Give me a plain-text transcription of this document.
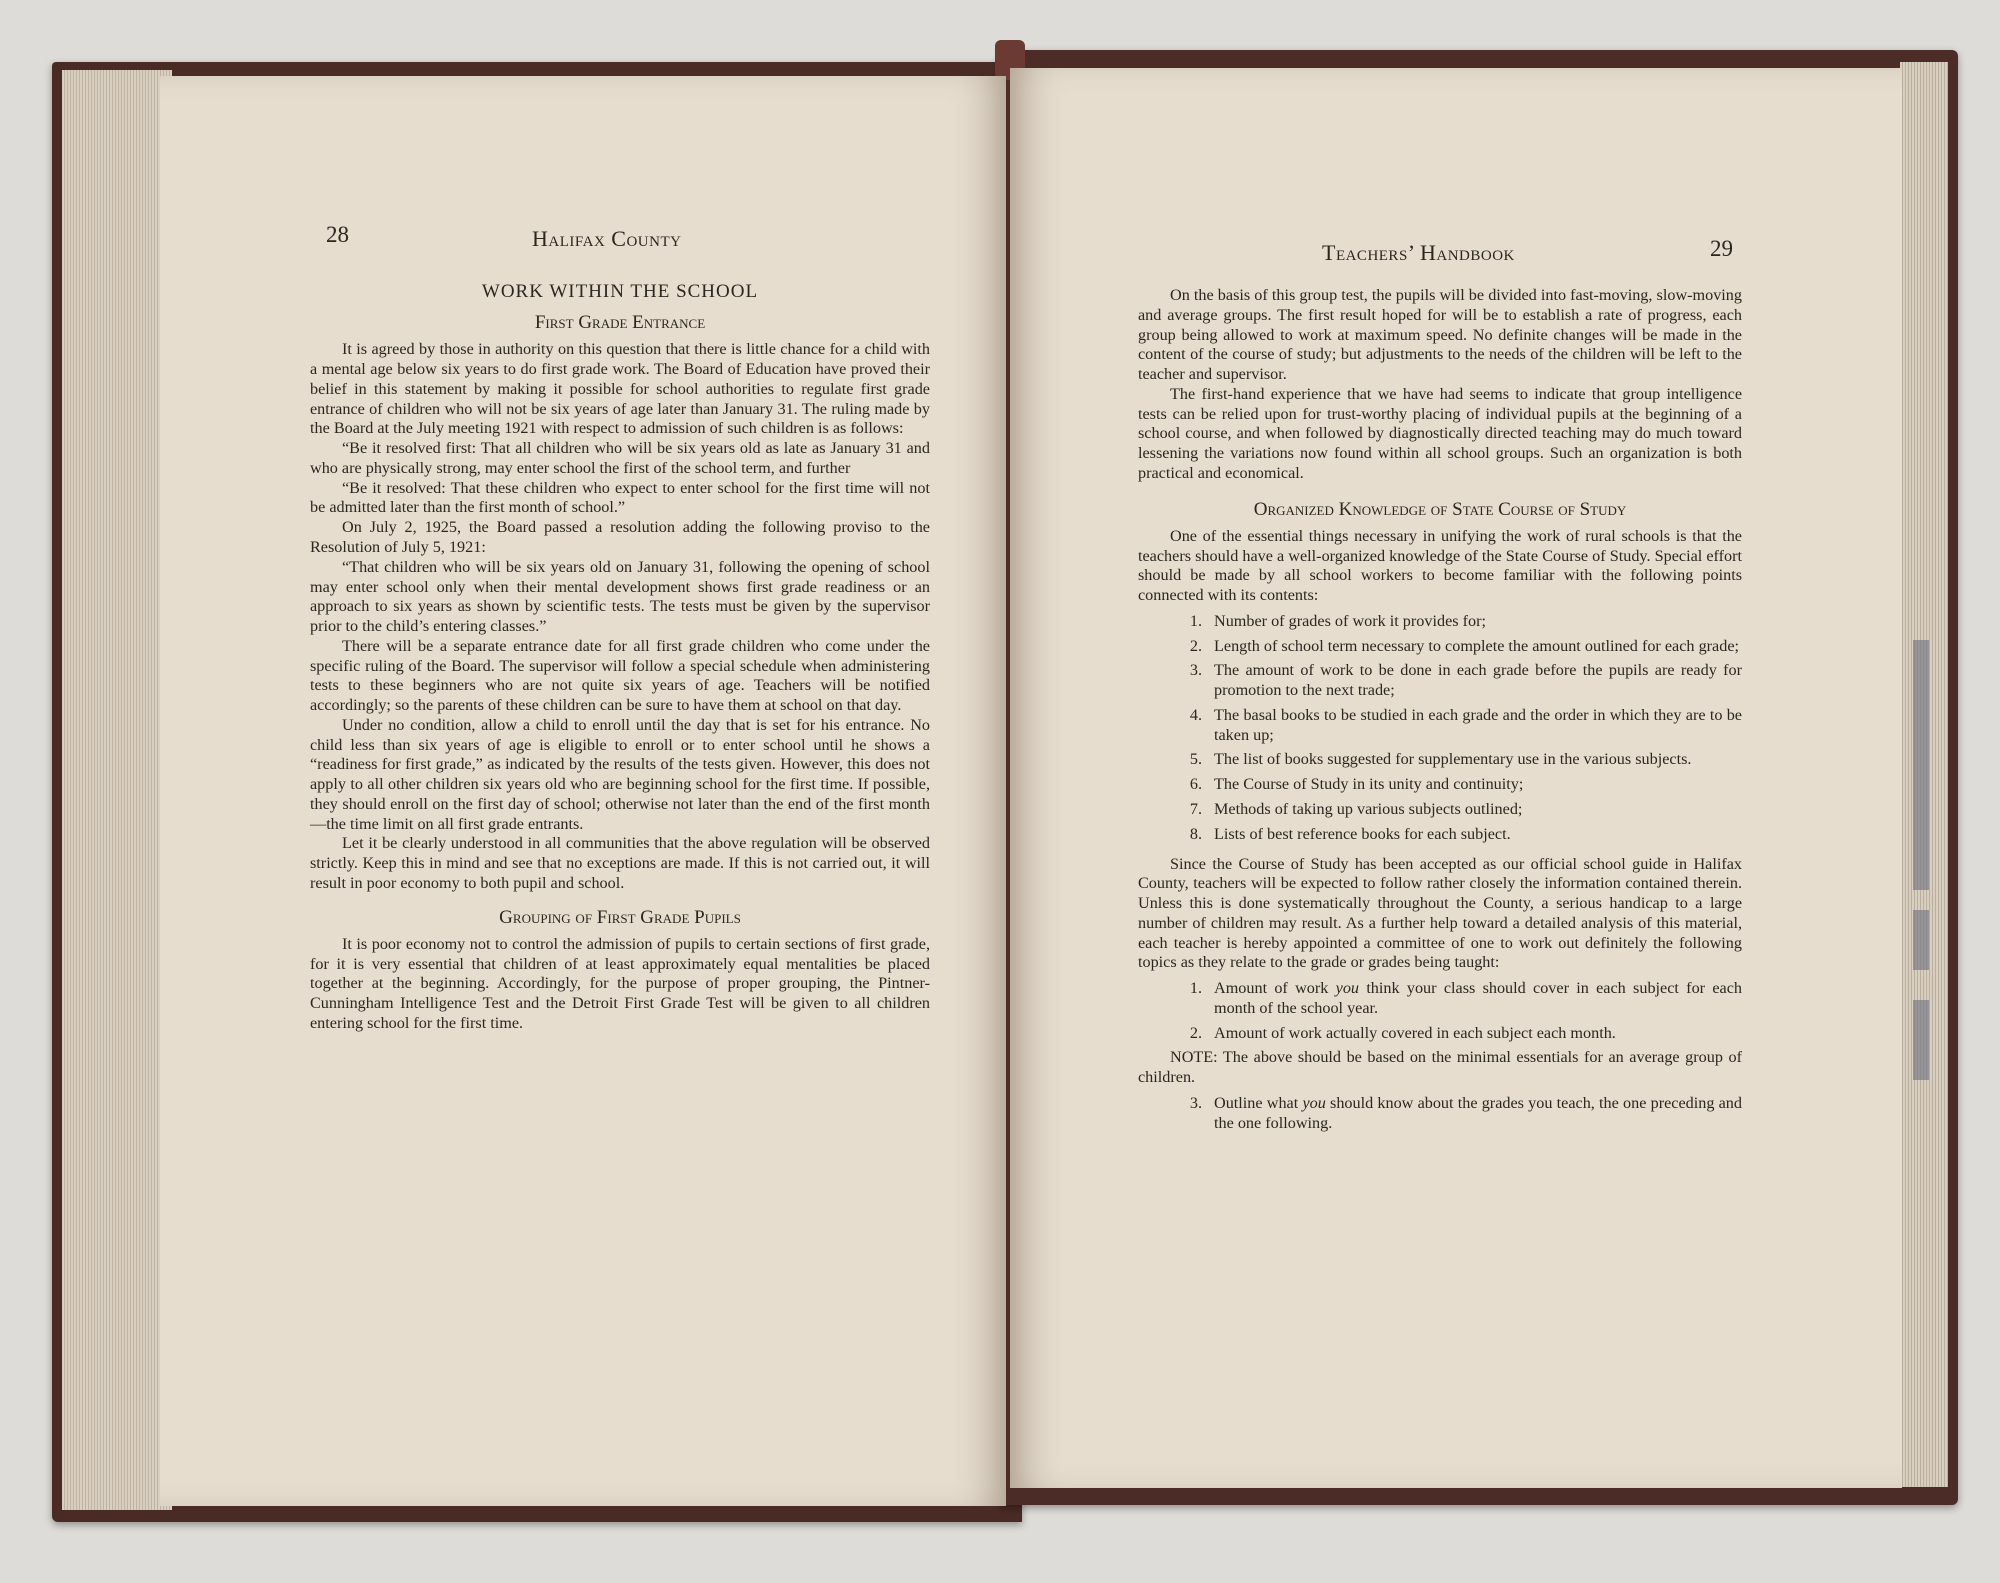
28	Halifax County
WORK WITHIN THE SCHOOL
First Grade Entrance

It is agreed by those in authority on this question that there is little chance for a child with a mental age below six years to do first grade work. The Board of Education have proved their belief in this statement by making it possible for school authorities to regulate first grade entrance of children who will not be six years of age later than January 31. The ruling made by the Board at the July meeting 1921 with respect to admission of such children is as follows:

“Be it resolved first: That all children who will be six years old as late as January 31 and who are physically strong, may enter school the first of the school term, and further

“Be it resolved: That these children who expect to enter school for the first time will not be admitted later than the first month of school.”

On July 2, 1925, the Board passed a resolution adding the following proviso to the Resolution of July 5, 1921:

“That children who will be six years old on January 31, following the opening of school may enter school only when their mental development shows first grade readiness or an approach to six years as shown by scientific tests. The tests must be given by the supervisor prior to the child’s entering classes.”

There will be a separate entrance date for all first grade children who come under the specific ruling of the Board. The supervisor will follow a special schedule when administering tests to these beginners who are not quite six years of age. Teachers will be notified accordingly; so the parents of these children can be sure to have them at school on that day.

Under no condition, allow a child to enroll until the day that is set for his entrance. No child less than six years of age is eligible to enroll or to enter school until he shows a “readiness for first grade,” as indicated by the results of the tests given. However, this does not apply to all other children six years old who are beginning school for the first time. If possible, they should enroll on the first day of school; otherwise not later than the end of the first month—the time limit on all first grade entrants.

Let it be clearly understood in all communities that the above regulation will be observed strictly. Keep this in mind and see that no exceptions are made. If this is not carried out, it will result in poor economy to both pupil and school.

Grouping of First Grade Pupils

It is poor economy not to control the admission of pupils to certain sections of first grade, for it is very essential that children of at least approximately equal mentalities be placed together at the beginning. Accordingly, for the purpose of proper grouping, the Pintner-Cunningham Intelligence Test and the Detroit First Grade Test will be given to all children entering school for the first time.

Teachers’ Handbook	29

On the basis of this group test, the pupils will be divided into fast-moving, slow-moving and average groups. The first result hoped for will be to establish a rate of progress, each group being allowed to work at maximum speed. No definite changes will be made in the content of the course of study; but adjustments to the needs of the children will be left to the teacher and supervisor.

The first-hand experience that we have had seems to indicate that group intelligence tests can be relied upon for trust-worthy placing of individual pupils at the beginning of a school course, and when followed by diagnostically directed teaching may do much toward lessening the variations now found within all school groups. Such an organization is both practical and economical.

Organized Knowledge of State Course of Study

One of the essential things necessary in unifying the work of rural schools is that the teachers should have a well-organized knowledge of the State Course of Study. Special effort should be made by all school workers to become familiar with the following points connected with its contents:

1. Number of grades of work it provides for;
2. Length of school term necessary to complete the amount outlined for each grade;
3. The amount of work to be done in each grade before the pupils are ready for promotion to the next trade;
4. The basal books to be studied in each grade and the order in which they are to be taken up;
5. The list of books suggested for supplementary use in the various subjects.
6. The Course of Study in its unity and continuity;
7. Methods of taking up various subjects outlined;
8. Lists of best reference books for each subject.

Since the Course of Study has been accepted as our official school guide in Halifax County, teachers will be expected to follow rather closely the information contained therein. Unless this is done systematically throughout the County, a serious handicap to a large number of children may result. As a further help toward a detailed analysis of this material, each teacher is hereby appointed a committee of one to work out definitely the following topics as they relate to the grade or grades being taught:

1. Amount of work you think your class should cover in each subject for each month of the school year.
2. Amount of work actually covered in each subject each month.

NOTE: The above should be based on the minimal essentials for an average group of children.

3. Outline what you should know about the grades you teach, the one preceding and the one following.
